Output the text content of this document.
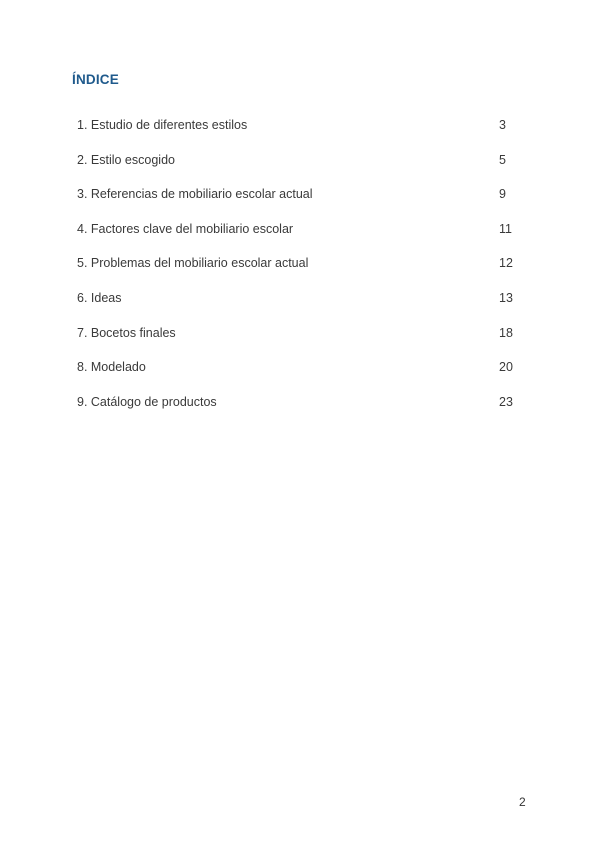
ÍNDICE
1. Estudio de diferentes estilos	3
2. Estilo escogido	5
3. Referencias de mobiliario escolar actual	9
4. Factores clave del mobiliario escolar	11
5. Problemas del mobiliario escolar actual	12
6. Ideas	13
7. Bocetos finales	18
8. Modelado	20
9. Catálogo de productos	23
2
